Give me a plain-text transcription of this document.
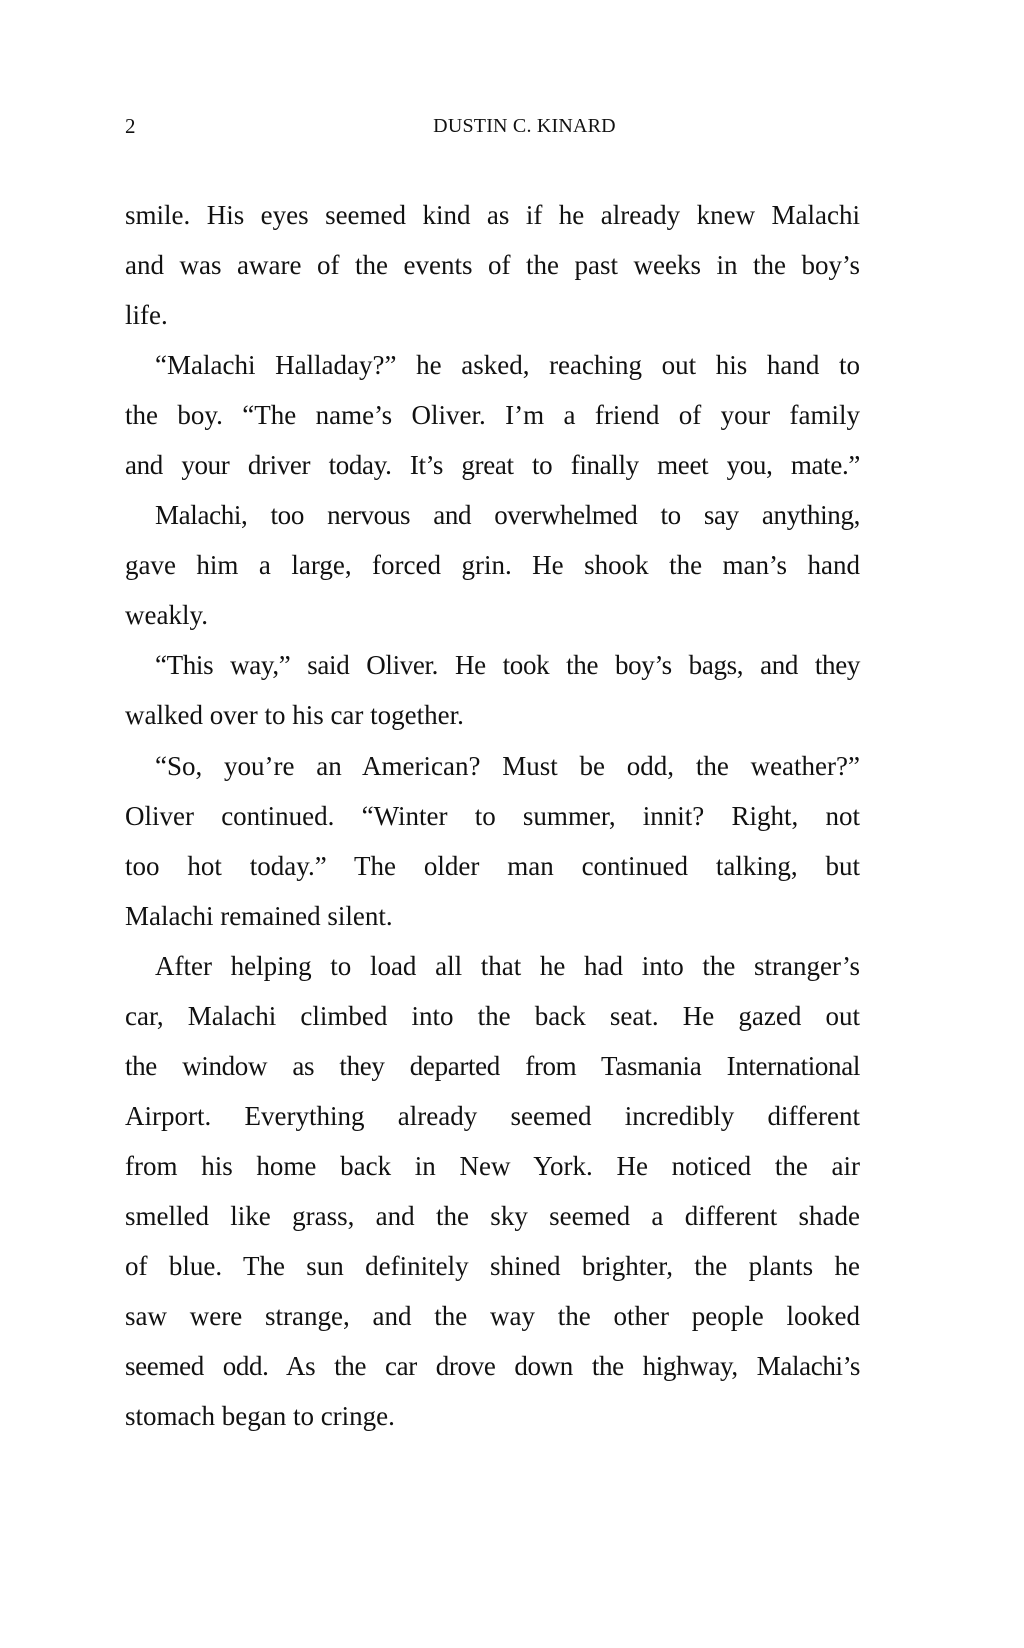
2	DUSTIN C. KINARD
smile. His eyes seemed kind as if he already knew Malachi
and was aware of the events of the past weeks in the boy’s
life.
“Malachi Halladay?” he asked, reaching out his hand to
the boy. “The name’s Oliver. I’m a friend of your family
and your driver today. It’s great to finally meet you, mate.”
Malachi, too nervous and overwhelmed to say anything,
gave him a large, forced grin. He shook the man’s hand
weakly.
“This way,” said Oliver. He took the boy’s bags, and they
walked over to his car together.
“So, you’re an American? Must be odd, the weather?”
Oliver continued. “Winter to summer, innit? Right, not
too hot today.” The older man continued talking, but
Malachi remained silent.
After helping to load all that he had into the stranger’s
car, Malachi climbed into the back seat. He gazed out
the window as they departed from Tasmania International
Airport. Everything already seemed incredibly different
from his home back in New York. He noticed the air
smelled like grass, and the sky seemed a different shade
of blue. The sun definitely shined brighter, the plants he
saw were strange, and the way the other people looked
seemed odd. As the car drove down the highway, Malachi’s
stomach began to cringe.
